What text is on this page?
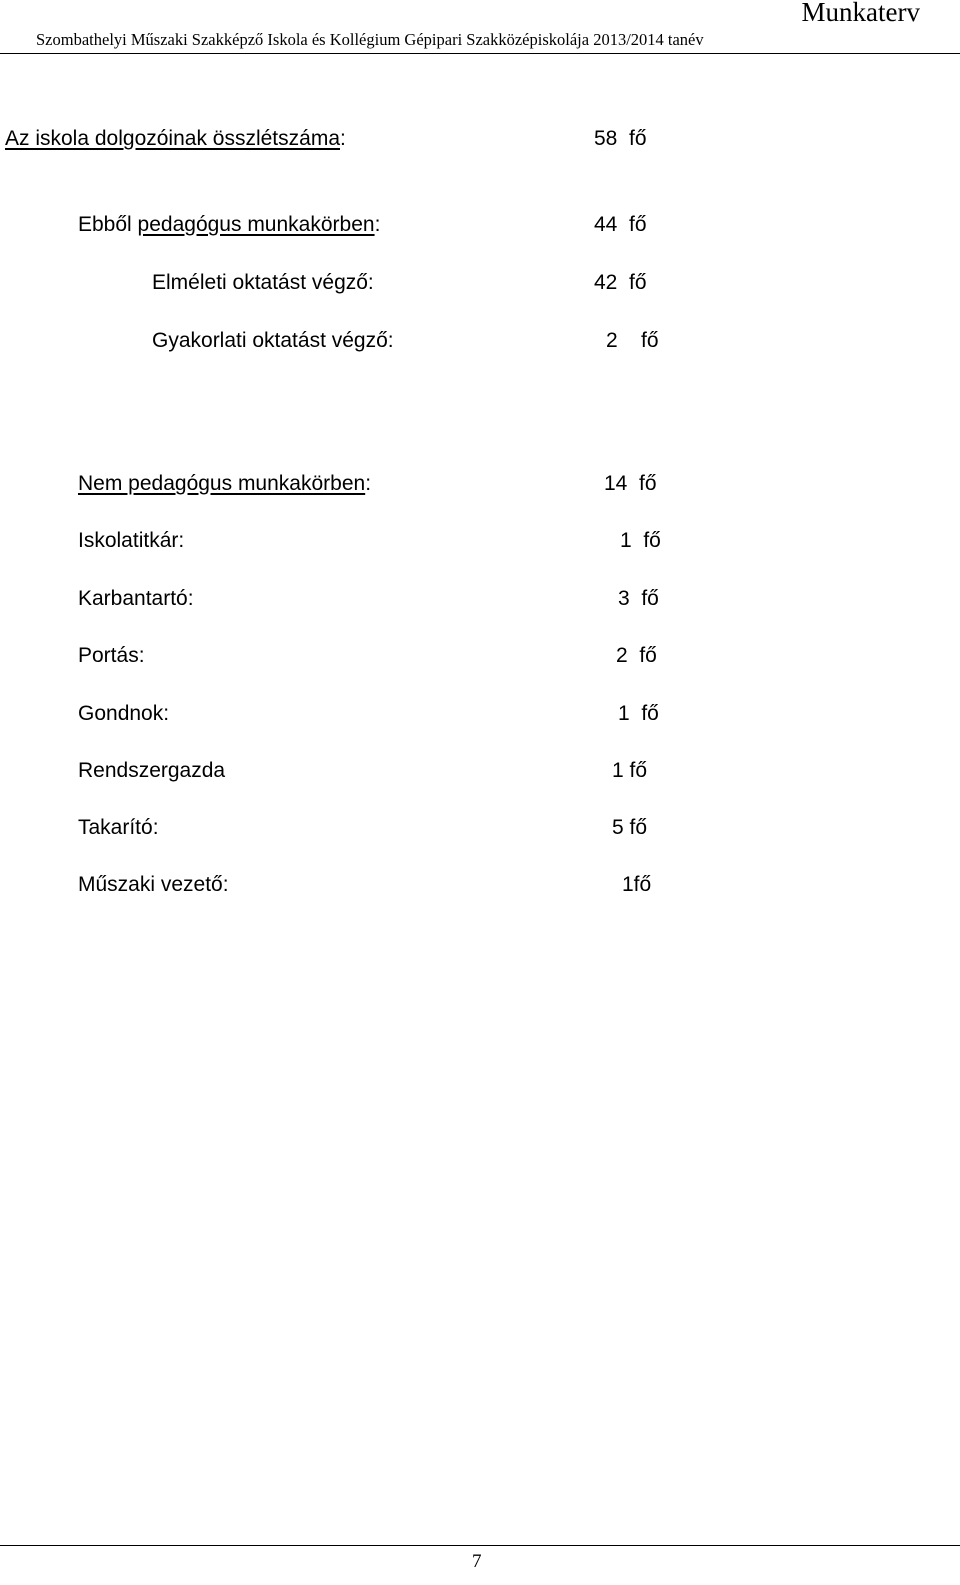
Munkaterv
Szombathelyi Műszaki Szakképző Iskola és Kollégium Gépipari Szakközépiskolája 2013/2014 tanév
Az iskola dolgozóinak összlétszáma:	58  fő
Ebből pedagógus munkakörben:	44  fő
Elméleti oktatást végző:	42  fő
Gyakorlati oktatást végző:	2    fő
Nem pedagógus munkakörben:	14  fő
Iskolatitkár:	1  fő
Karbantartó:	3  fő
Portás:	2  fő
Gondnok:	1  fő
Rendszergazda	1 fő
Takarító:	5 fő
Műszaki vezető:	1fő
7
